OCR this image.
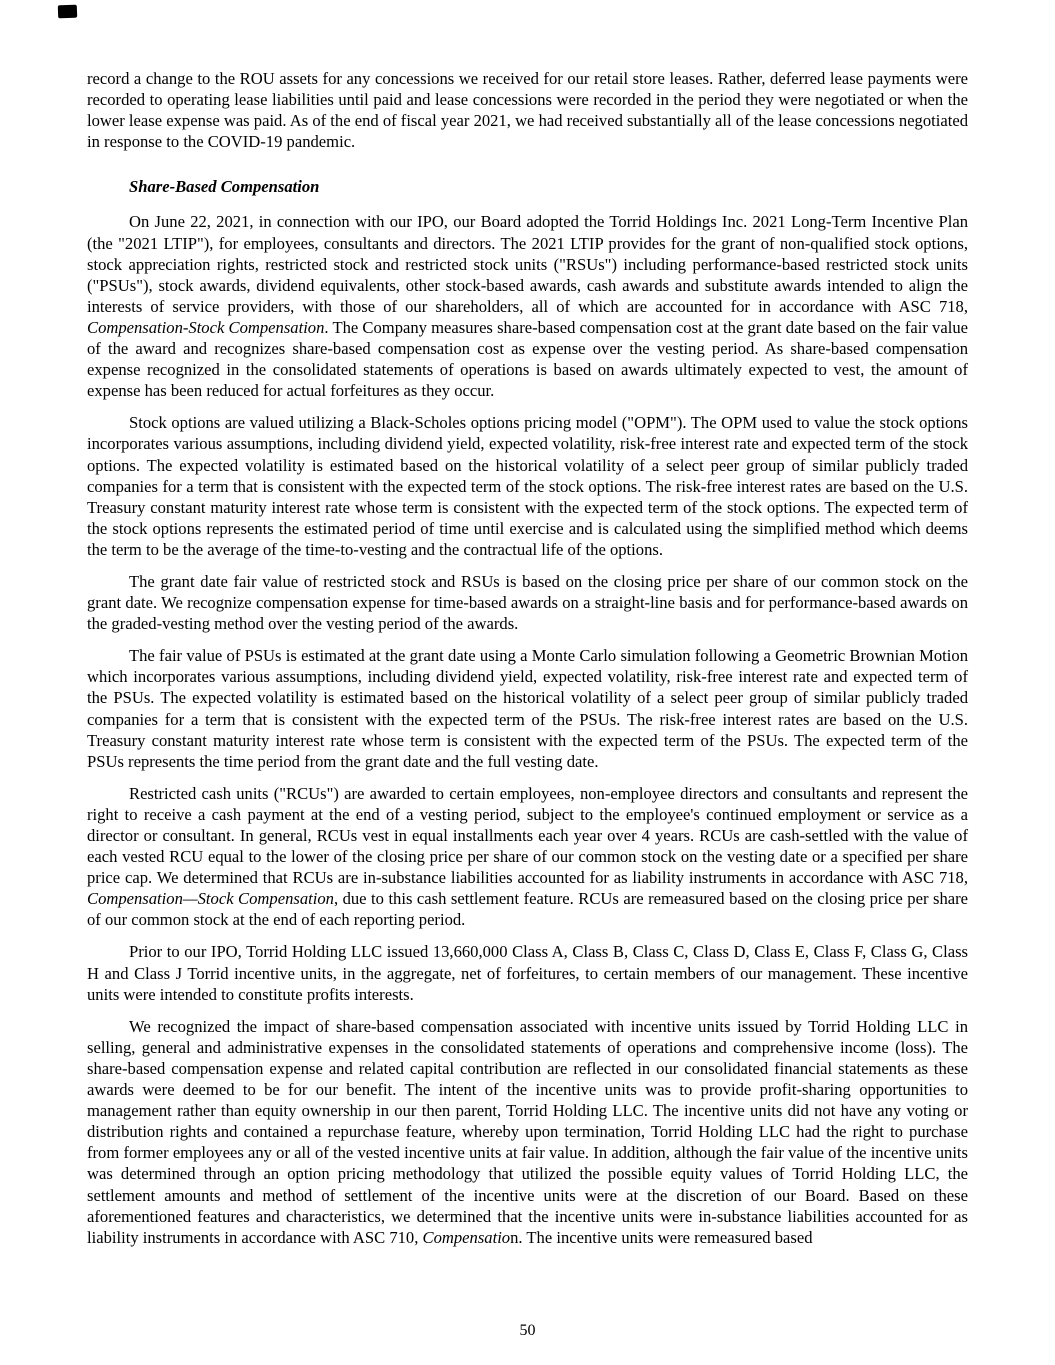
record a change to the ROU assets for any concessions we received for our retail store leases. Rather, deferred lease payments were recorded to operating lease liabilities until paid and lease concessions were recorded in the period they were negotiated or when the lower lease expense was paid. As of the end of fiscal year 2021, we had received substantially all of the lease concessions negotiated in response to the COVID-19 pandemic.

Share-Based Compensation

On June 22, 2021, in connection with our IPO, our Board adopted the Torrid Holdings Inc. 2021 Long-Term Incentive Plan (the "2021 LTIP"), for employees, consultants and directors. The 2021 LTIP provides for the grant of non-qualified stock options, stock appreciation rights, restricted stock and restricted stock units ("RSUs") including performance-based restricted stock units ("PSUs"), stock awards, dividend equivalents, other stock-based awards, cash awards and substitute awards intended to align the interests of service providers, with those of our shareholders, all of which are accounted for in accordance with ASC 718, Compensation-Stock Compensation. The Company measures share-based compensation cost at the grant date based on the fair value of the award and recognizes share-based compensation cost as expense over the vesting period. As share-based compensation expense recognized in the consolidated statements of operations is based on awards ultimately expected to vest, the amount of expense has been reduced for actual forfeitures as they occur.

Stock options are valued utilizing a Black-Scholes options pricing model ("OPM"). The OPM used to value the stock options incorporates various assumptions, including dividend yield, expected volatility, risk-free interest rate and expected term of the stock options. The expected volatility is estimated based on the historical volatility of a select peer group of similar publicly traded companies for a term that is consistent with the expected term of the stock options. The risk-free interest rates are based on the U.S. Treasury constant maturity interest rate whose term is consistent with the expected term of the stock options. The expected term of the stock options represents the estimated period of time until exercise and is calculated using the simplified method which deems the term to be the average of the time-to-vesting and the contractual life of the options.

The grant date fair value of restricted stock and RSUs is based on the closing price per share of our common stock on the grant date. We recognize compensation expense for time-based awards on a straight-line basis and for performance-based awards on the graded-vesting method over the vesting period of the awards.

The fair value of PSUs is estimated at the grant date using a Monte Carlo simulation following a Geometric Brownian Motion which incorporates various assumptions, including dividend yield, expected volatility, risk-free interest rate and expected term of the PSUs. The expected volatility is estimated based on the historical volatility of a select peer group of similar publicly traded companies for a term that is consistent with the expected term of the PSUs. The risk-free interest rates are based on the U.S. Treasury constant maturity interest rate whose term is consistent with the expected term of the PSUs. The expected term of the PSUs represents the time period from the grant date and the full vesting date.

Restricted cash units ("RCUs") are awarded to certain employees, non-employee directors and consultants and represent the right to receive a cash payment at the end of a vesting period, subject to the employee's continued employment or service as a director or consultant. In general, RCUs vest in equal installments each year over 4 years. RCUs are cash-settled with the value of each vested RCU equal to the lower of the closing price per share of our common stock on the vesting date or a specified per share price cap. We determined that RCUs are in-substance liabilities accounted for as liability instruments in accordance with ASC 718, Compensation—Stock Compensation, due to this cash settlement feature. RCUs are remeasured based on the closing price per share of our common stock at the end of each reporting period.

Prior to our IPO, Torrid Holding LLC issued 13,660,000 Class A, Class B, Class C, Class D, Class E, Class F, Class G, Class H and Class J Torrid incentive units, in the aggregate, net of forfeitures, to certain members of our management. These incentive units were intended to constitute profits interests.

We recognized the impact of share-based compensation associated with incentive units issued by Torrid Holding LLC in selling, general and administrative expenses in the consolidated statements of operations and comprehensive income (loss). The share-based compensation expense and related capital contribution are reflected in our consolidated financial statements as these awards were deemed to be for our benefit. The intent of the incentive units was to provide profit-sharing opportunities to management rather than equity ownership in our then parent, Torrid Holding LLC. The incentive units did not have any voting or distribution rights and contained a repurchase feature, whereby upon termination, Torrid Holding LLC had the right to purchase from former employees any or all of the vested incentive units at fair value. In addition, although the fair value of the incentive units was determined through an option pricing methodology that utilized the possible equity values of Torrid Holding LLC, the settlement amounts and method of settlement of the incentive units were at the discretion of our Board. Based on these aforementioned features and characteristics, we determined that the incentive units were in-substance liabilities accounted for as liability instruments in accordance with ASC 710, Compensation. The incentive units were remeasured based

50
